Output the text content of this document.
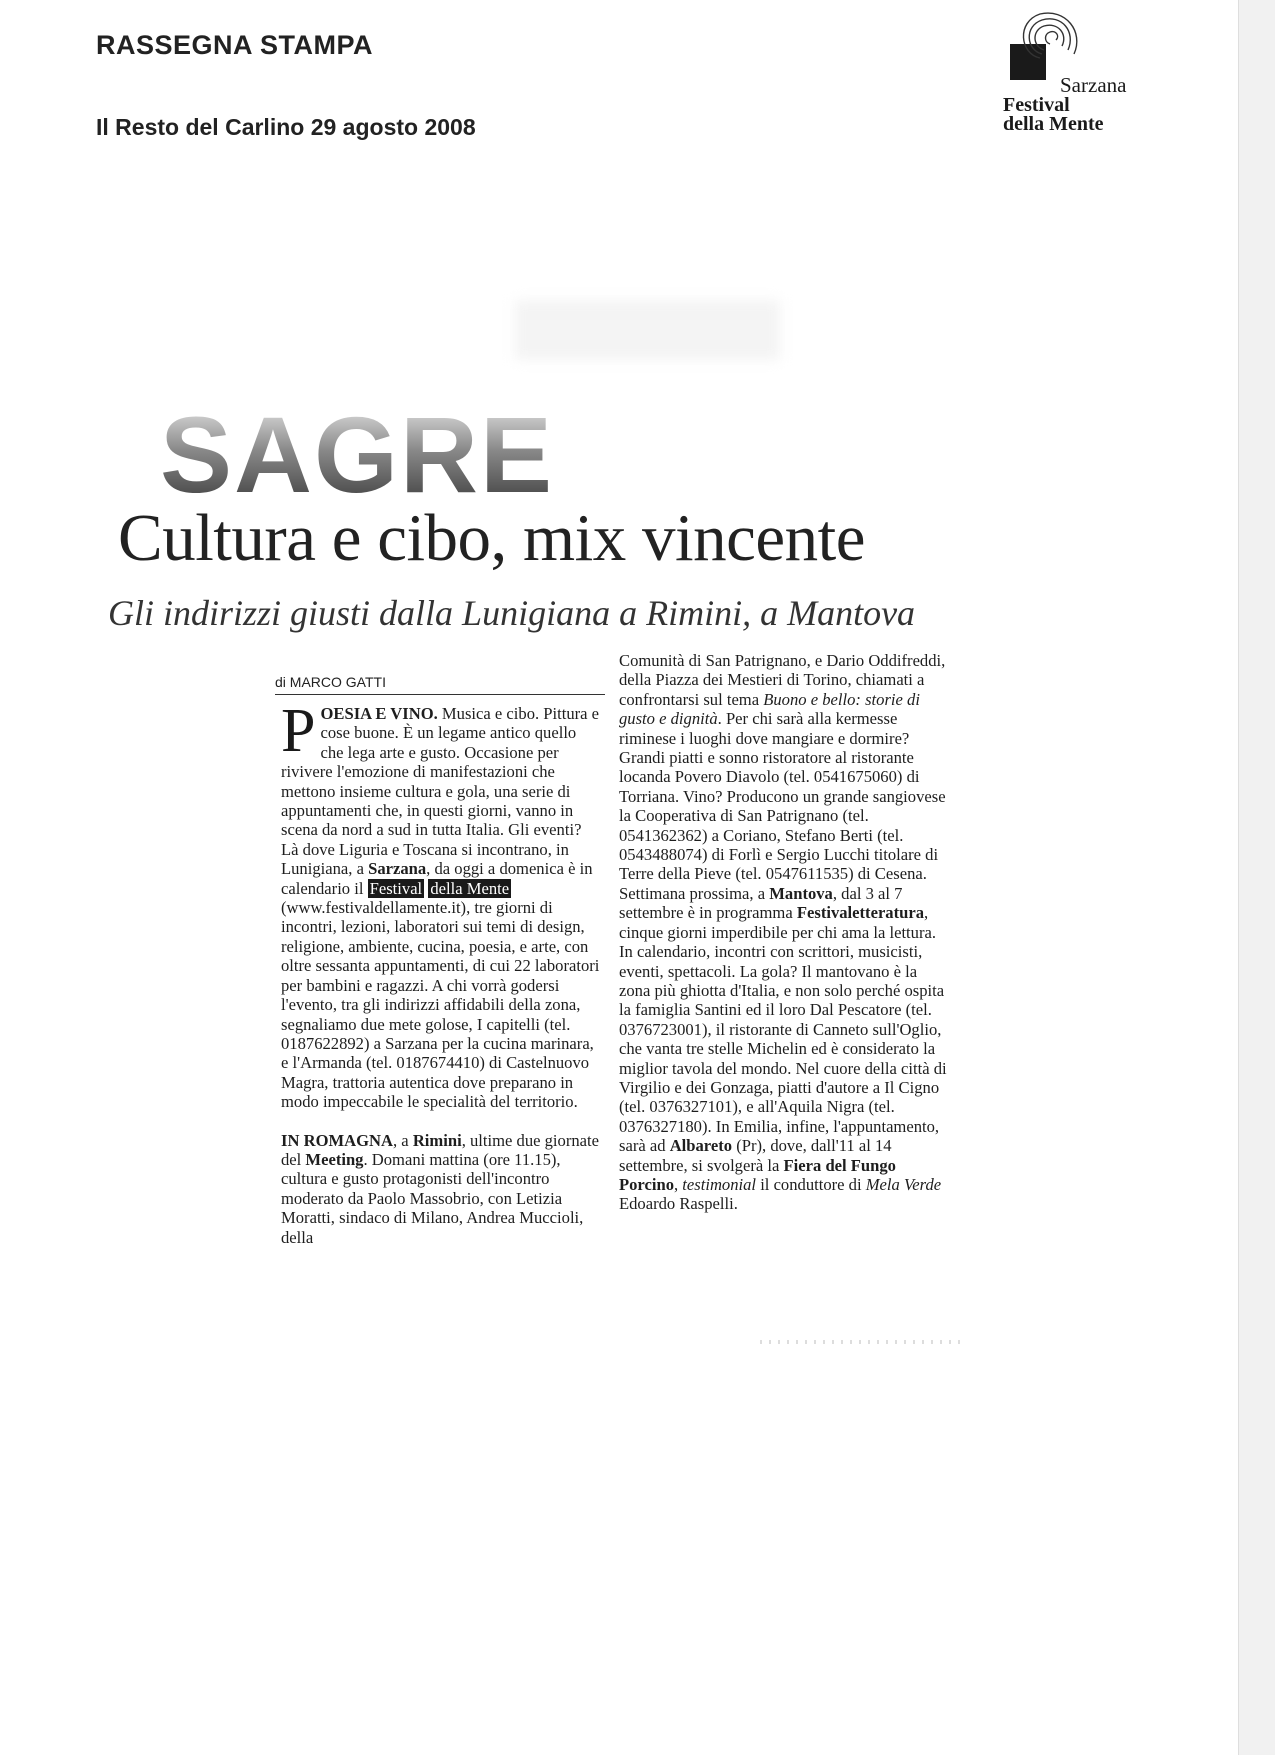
RASSEGNA STAMPA
Il Resto del Carlino 29 agosto 2008
Sarzana
Festival
della Mente
SAGRE
Cultura e cibo, mix vincente
Gli indirizzi giusti dalla Lunigiana a Rimini, a Mantova
di MARCO GATTI

POESIA E VINO. Musica e cibo. Pittura e cose buone. È un legame antico quello che lega arte e gusto. Occasione per rivivere l'emozione di manifestazioni che mettono insieme cultura e gola, una serie di appuntamenti che, in questi giorni, vanno in scena da nord a sud in tutta Italia. Gli eventi? Là dove Liguria e Toscana si incontrano, in Lunigiana, a Sarzana, da oggi a domenica è in calendario il Festival della Mente (www.festivaldellamente.it), tre giorni di incontri, lezioni, laboratori sui temi di design, religione, ambiente, cucina, poesia, e arte, con oltre sessanta appuntamenti, di cui 22 laboratori per bambini e ragazzi. A chi vorrà godersi l'evento, tra gli indirizzi affidabili della zona, segnaliamo due mete golose, I capitelli (tel. 0187622892) a Sarzana per la cucina marinara, e l'Armanda (tel. 0187674410) di Castelnuovo Magra, trattoria autentica dove preparano in modo impeccabile le specialità del territorio.

IN ROMAGNA, a Rimini, ultime due giornate del Meeting. Domani mattina (ore 11.15), cultura e gusto protagonisti dell'incontro moderato da Paolo Massobrio, con Letizia Moratti, sindaco di Milano, Andrea Muccioli, della

Comunità di San Patrignano, e Dario Oddifreddi, della Piazza dei Mestieri di Torino, chiamati a confrontarsi sul tema Buono e bello: storie di gusto e dignità. Per chi sarà alla kermesse riminese i luoghi dove mangiare e dormire? Grandi piatti e sonno ristoratore al ristorante locanda Povero Diavolo (tel. 0541675060) di Torriana. Vino? Producono un grande sangiovese la Cooperativa di San Patrignano (tel. 0541362362) a Coriano, Stefano Berti (tel. 0543488074) di Forlì e Sergio Lucchi titolare di Terre della Pieve (tel. 0547611535) di Cesena. Settimana prossima, a Mantova, dal 3 al 7 settembre è in programma Festivaletteratura, cinque giorni imperdibile per chi ama la lettura. In calendario, incontri con scrittori, musicisti, eventi, spettacoli. La gola? Il mantovano è la zona più ghiotta d'Italia, e non solo perché ospita la famiglia Santini ed il loro Dal Pescatore (tel. 0376723001), il ristorante di Canneto sull'Oglio, che vanta tre stelle Michelin ed è considerato la miglior tavola del mondo. Nel cuore della città di Virgilio e dei Gonzaga, piatti d'autore a Il Cigno (tel. 0376327101), e all'Aquila Nigra (tel. 0376327180). In Emilia, infine, l'appuntamento, sarà ad Albareto (Pr), dove, dall'11 al 14 settembre, si svolgerà la Fiera del Fungo Porcino, testimonial il conduttore di Mela Verde Edoardo Raspelli.
